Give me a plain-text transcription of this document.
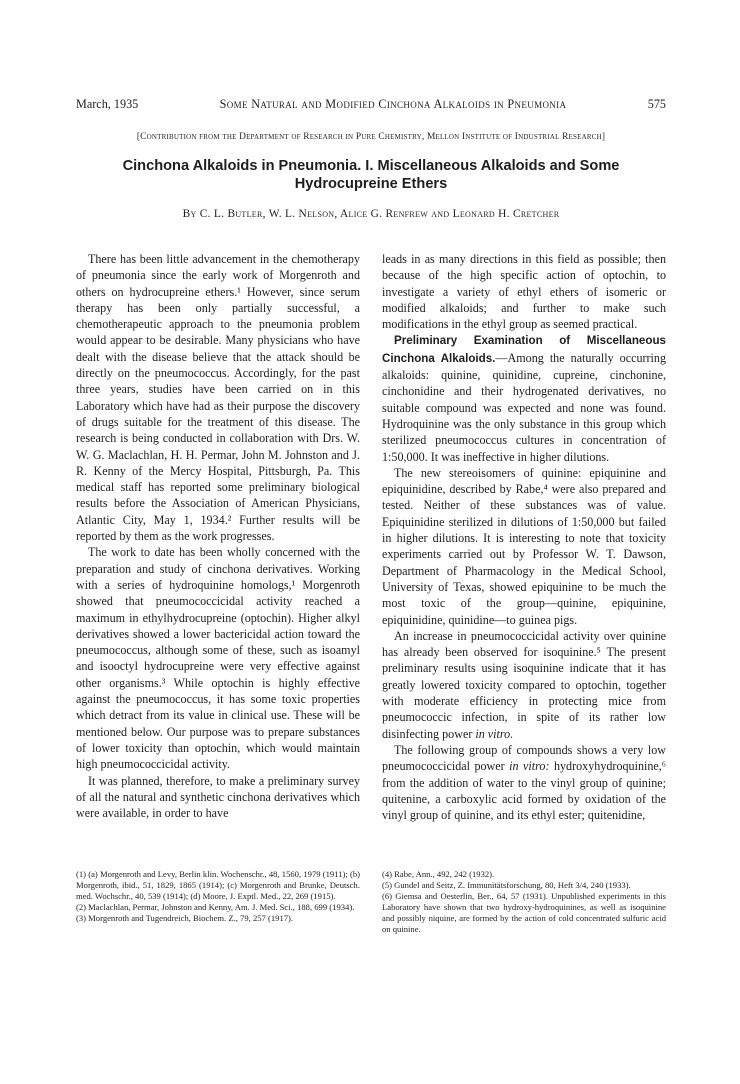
March, 1935	Some Natural and Modified Cinchona Alkaloids in Pneumonia	575
[Contribution from the Department of Research in Pure Chemistry, Mellon Institute of Industrial Research]
Cinchona Alkaloids in Pneumonia. I. Miscellaneous Alkaloids and Some Hydrocupreine Ethers
By C. L. Butler, W. L. Nelson, Alice G. Renfrew and Leonard H. Cretcher

There has been little advancement in the chemotherapy of pneumonia since the early work of Morgenroth and others on hydrocupreine ethers.¹ However, since serum therapy has been only partially successful, a chemotherapeutic approach to the pneumonia problem would appear to be desirable. Many physicians who have dealt with the disease believe that the attack should be directly on the pneumococcus. Accordingly, for the past three years, studies have been carried on in this Laboratory which have had as their purpose the discovery of drugs suitable for the treatment of this disease. The research is being conducted in collaboration with Drs. W. W. G. Maclachlan, H. H. Permar, John M. Johnston and J. R. Kenny of the Mercy Hospital, Pittsburgh, Pa. This medical staff has reported some preliminary biological results before the Association of American Physicians, Atlantic City, May 1, 1934.² Further results will be reported by them as the work progresses.

The work to date has been wholly concerned with the preparation and study of cinchona derivatives. Working with a series of hydroquinine homologs,¹ Morgenroth showed that pneumococcicidal activity reached a maximum in ethylhydrocupreine (optochin). Higher alkyl derivatives showed a lower bactericidal action toward the pneumococcus, although some of these, such as isoamyl and isooctyl hydrocupreine were very effective against other organisms.³ While optochin is highly effective against the pneumococcus, it has some toxic properties which detract from its value in clinical use. These will be mentioned below. Our purpose was to prepare substances of lower toxicity than optochin, which would maintain high pneumococcicidal activity.

It was planned, therefore, to make a preliminary survey of all the natural and synthetic cinchona derivatives which were available, in order to have

leads in as many directions in this field as possible; then because of the high specific action of optochin, to investigate a variety of ethyl ethers of isomeric or modified alkaloids; and further to make such modifications in the ethyl group as seemed practical.

Preliminary Examination of Miscellaneous Cinchona Alkaloids.—Among the naturally occurring alkaloids: quinine, quinidine, cupreine, cinchonine, cinchonidine and their hydrogenated derivatives, no suitable compound was expected and none was found. Hydroquinine was the only substance in this group which sterilized pneumococcus cultures in concentration of 1:50,000. It was ineffective in higher dilutions.

The new stereoisomers of quinine: epiquinine and epiquinidine, described by Rabe,⁴ were also prepared and tested. Neither of these substances was of value. Epiquinidine sterilized in dilutions of 1:50,000 but failed in higher dilutions. It is interesting to note that toxicity experiments carried out by Professor W. T. Dawson, Department of Pharmacology in the Medical School, University of Texas, showed epiquinine to be much the most toxic of the group—quinine, epiquinine, epiquinidine, quinidine—to guinea pigs.

An increase in pneumococcicidal activity over quinine has already been observed for isoquinine.⁵ The present preliminary results using isoquinine indicate that it has greatly lowered toxicity compared to optochin, together with moderate efficiency in protecting mice from pneumococcic infection, in spite of its rather low disinfecting power in vitro.

The following group of compounds shows a very low pneumococcicidal power in vitro: hydroxyhydroquinine,⁶ from the addition of water to the vinyl group of quinine; quitenine, a carboxylic acid formed by oxidation of the vinyl group of quinine, and its ethyl ester; quitenidine,

(1) (a) Morgenroth and Levy, Berlin klin. Wochenschr., 48, 1560, 1979 (1911); (b) Morgenroth, ibid., 51, 1829, 1865 (1914); (c) Morgenroth and Brunke, Deutsch. med. Wochschr., 40, 539 (1914); (d) Moore, J. Exptl. Med., 22, 269 (1915).
(2) Maclachlan, Permar, Johnston and Kenny, Am. J. Med. Sci., 188, 699 (1934).
(3) Morgenroth and Tugendreich, Biochem. Z., 79, 257 (1917).
(4) Rabe, Ann., 492, 242 (1932).
(5) Gundel and Seitz, Z. Immunitätsforschung, 80, Heft 3/4, 240 (1933).
(6) Giemsa and Oesterlin, Ber., 64, 57 (1931). Unpublished experiments in this Laboratory have shown that two hydroxy-hydroquinines, as well as isoquinine and possibly niquine, are formed by the action of cold concentrated sulfuric acid on quinine.
